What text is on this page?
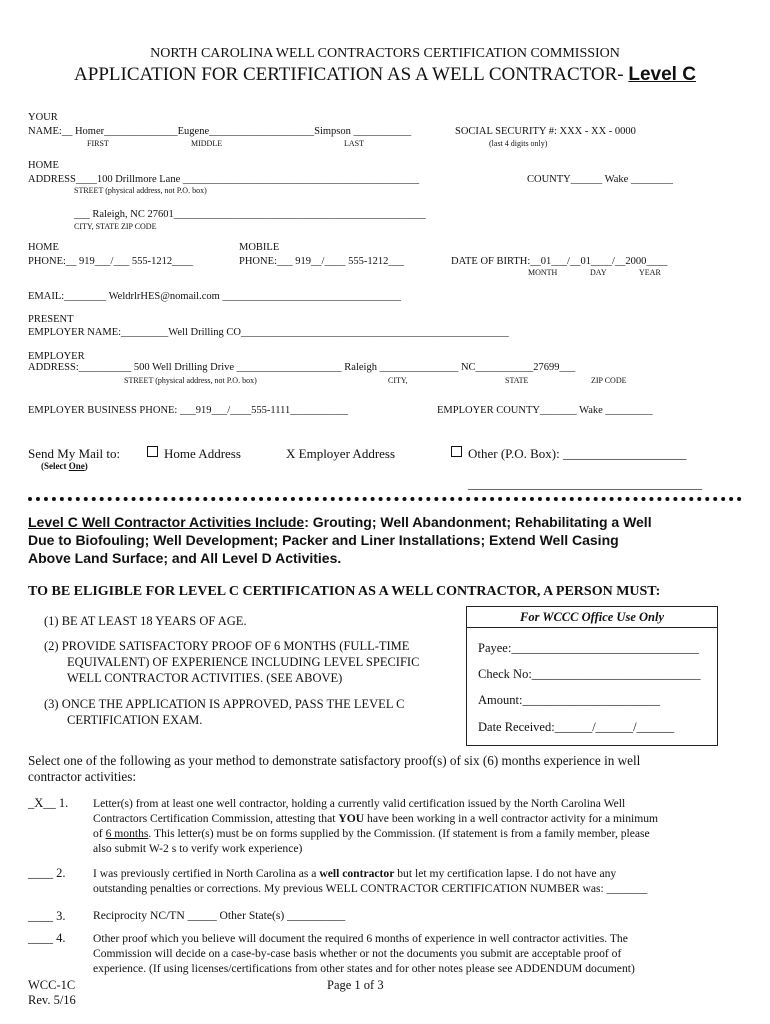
NORTH CAROLINA WELL CONTRACTORS CERTIFICATION COMMISSION
APPLICATION FOR CERTIFICATION AS A WELL CONTRACTOR- Level C
YOUR
NAME:__ Homer______________Eugene____________________Simpson ___________	SOCIAL SECURITY #: XXX - XX - 0000
FIRST	MIDDLE	LAST	(last 4 digits only)
HOME
ADDRESS____100 Drillmore Lane _____________________________________________	COUNTY______ Wake ________
STREET (physical address, not P.O. box)
___ Raleigh, NC 27601________________________________________________
CITY, STATE ZIP CODE
HOME
PHONE:__ 919___/___ 555-1212____
MOBILE
PHONE:___ 919__/____ 555-1212___	DATE OF BIRTH:__01___/__01____/__2000____
MONTH	DAY	YEAR
EMAIL:________ WeldrlrHES@nomail.com __________________________________
PRESENT
EMPLOYER NAME:_________Well Drilling CO___________________________________________________
EMPLOYER
ADDRESS:__________ 500 Well Drilling Drive ____________________ Raleigh _______________ NC___________27699___
STREET (physical address, not P.O. box)	CITY,	STATE	ZIP CODE
EMPLOYER BUSINESS PHONE: ___919___/____555-1111___________	EMPLOYER COUNTY_______ Wake _________
Send My Mail to:	Home Address	X Employer Address	Other (P.O. Box): ___________________
(Select One)
____________________________________
Level C Well Contractor Activities Include: Grouting; Well Abandonment; Rehabilitating a Well
Due to Biofouling; Well Development; Packer and Liner Installations; Extend Well Casing
Above Land Surface; and All Level D Activities.
TO BE ELIGIBLE FOR LEVEL C CERTIFICATION AS A WELL CONTRACTOR, A PERSON MUST:
(1) BE AT LEAST 18 YEARS OF AGE.
(2) PROVIDE SATISFACTORY PROOF OF 6 MONTHS (FULL-TIME
EQUIVALENT) OF EXPERIENCE INCLUDING LEVEL SPECIFIC
WELL CONTRACTOR ACTIVITIES. (SEE ABOVE)
(3) ONCE THE APPLICATION IS APPROVED, PASS THE LEVEL C
CERTIFICATION EXAM.
For WCCC Office Use Only
Payee:______________________________
Check No:___________________________
Amount:______________________
Date Received:______/______/______
Select one of the following as your method to demonstrate satisfactory proof(s) of six (6) months experience in well
contractor activities:
_X__ 1. Letter(s) from at least one well contractor, holding a currently valid certification issued by the North Carolina Well
Contractors Certification Commission, attesting that YOU have been working in a well contractor activity for a minimum
of 6 months. This letter(s) must be on forms supplied by the Commission. (If statement is from a family member, please
also submit W-2 s to verify work experience)
____ 2. I was previously certified in North Carolina as a well contractor but let my certification lapse. I do not have any
outstanding penalties or corrections. My previous WELL CONTRACTOR CERTIFICATION NUMBER was: _______
____ 3. Reciprocity NC/TN _____ Other State(s) __________
____ 4. Other proof which you believe will document the required 6 months of experience in well contractor activities. The
Commission will decide on a case-by-case basis whether or not the documents you submit are acceptable proof of
experience. (If using licenses/certifications from other states and for other notes please see ADDENDUM document)
WCC-1C
Rev. 5/16
Page 1 of 3
